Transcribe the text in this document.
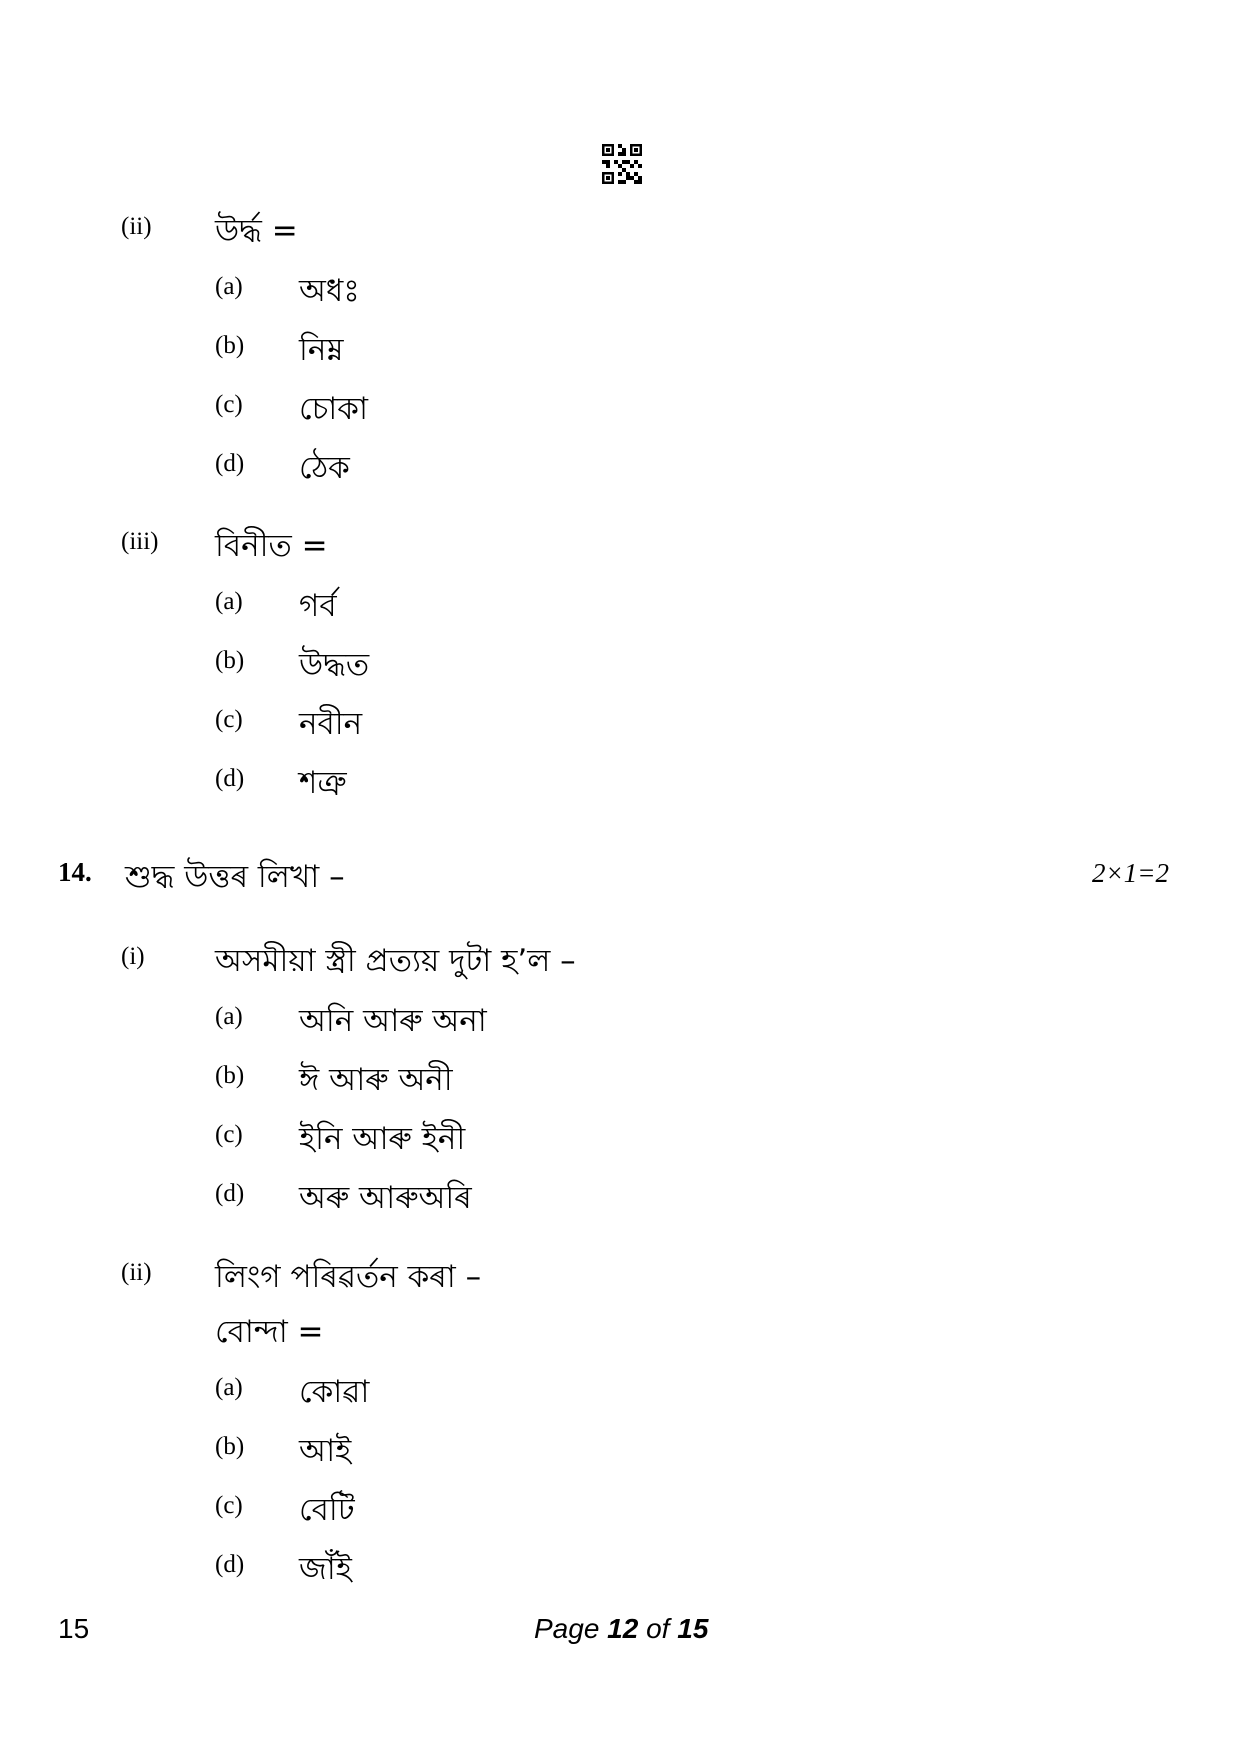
(ii) উৰ্দ্ধ =
(a) অধঃ
(b) নিম্ন
(c) চোকা
(d) ঠেক
(iii) বিনীত =
(a) গৰ্ব
(b) উদ্ধত
(c) নবীন
(d) শত্ৰু
14. শুদ্ধ উত্তৰ লিখা –	2×1=2
(i) অসমীয়া স্ত্ৰী প্ৰত্যয় দুটা হ’ল –
(a) অনি আৰু অনা
(b) ঈ আৰু অনী
(c) ইনি আৰু ইনী
(d) অৰু আৰুঅৰি
(ii) লিংগ পৰিৱৰ্তন কৰা –
বোন্দা =
(a) কোৱা
(b) আই
(c) বেটি
(d) জাঁই
15	Page 12 of 15
